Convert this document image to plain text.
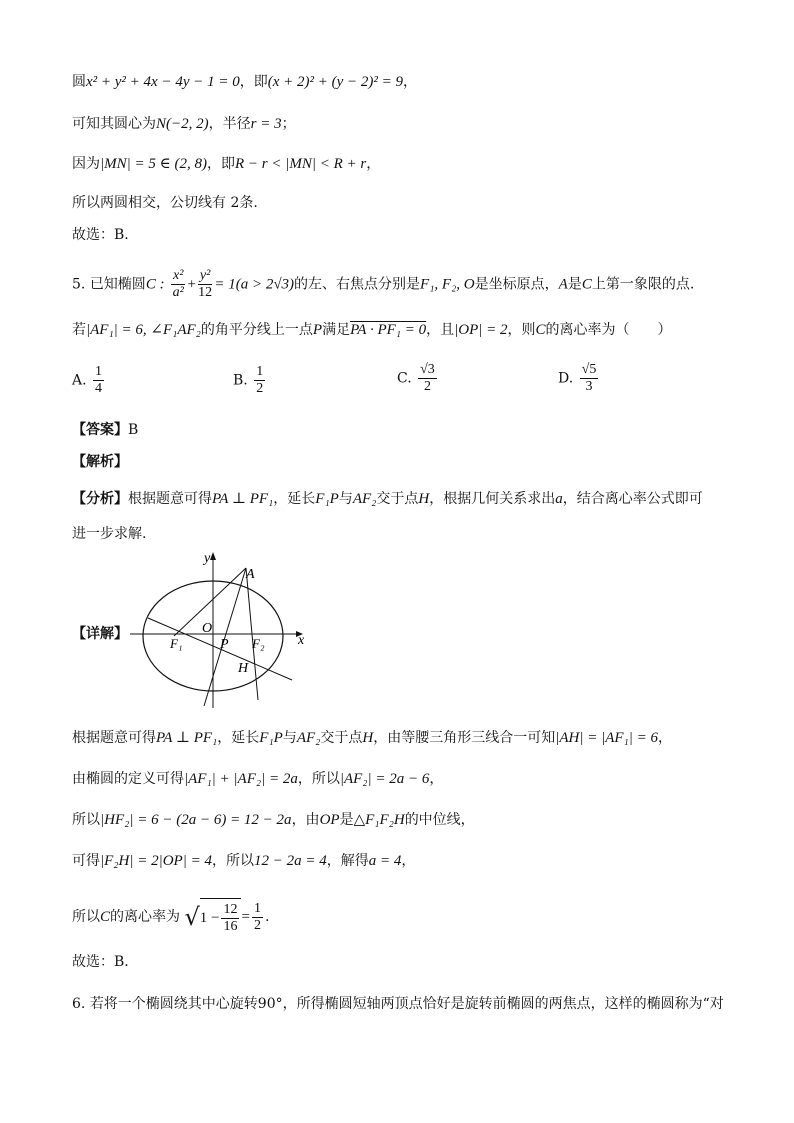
圆x² + y² + 4x − 4y − 1 = 0，即(x + 2)² + (y − 2)² = 9，
可知其圆心为N(−2, 2)，半径r = 3；
因为|MN| = 5 ∈ (2, 8)，即R − r < |MN| < R + r，
所以两圆相交，公切线有 2条.
故选：B.
5. 已知椭圆C : $\frac{\text{x²}}{\text{a²}} + \frac{\text{y²}}{12} = 1(a > 2√3)$的左、右焦点分别是F₁, F₂, O是坐标原点，A是C上第一象限的点.
若|AF₁| = 6, ∠F₁AF₂的角平分线上一点P满足PA · PF₁ = 0，且|OP| = 2，则C的离心率为（　　）
A. $\frac{1}{4}$	B. $\frac{1}{2}$	C. $\frac{√3}{2}$	D. $\frac{√5}{3}$
【答案】B
【解析】
【分析】根据题意可得PA ⊥ PF₁，延长F₁P与AF₂交于点H，根据几何关系求出a，结合离心率公式即可
进一步求解.
【详解】
y
x
A
O
F₁	P F₂
H
根据题意可得PA ⊥ PF₁，延长F₁P与AF₂交于点H，由等腰三角形三线合一可知|AH| = |AF₁| = 6，
由椭圆的定义可得|AF₁| + |AF₂| = 2a，所以|AF₂| = 2a − 6，
所以|HF₂| = 6 − (2a − 6) = 12 − 2a，由OP是△F₁F₂H的中位线，
可得|F₂H| = 2|OP| = 4，所以12 − 2a = 4，解得a = 4，
所以C的离心率为 $√1 - \frac{12}{16} = \frac{1}{2}$ .
故选：B.
6. 若将一个椭圆绕其中心旋转90°，所得椭圆短轴两顶点恰好是旋转前椭圆的两焦点，这样的椭圆称为“对
